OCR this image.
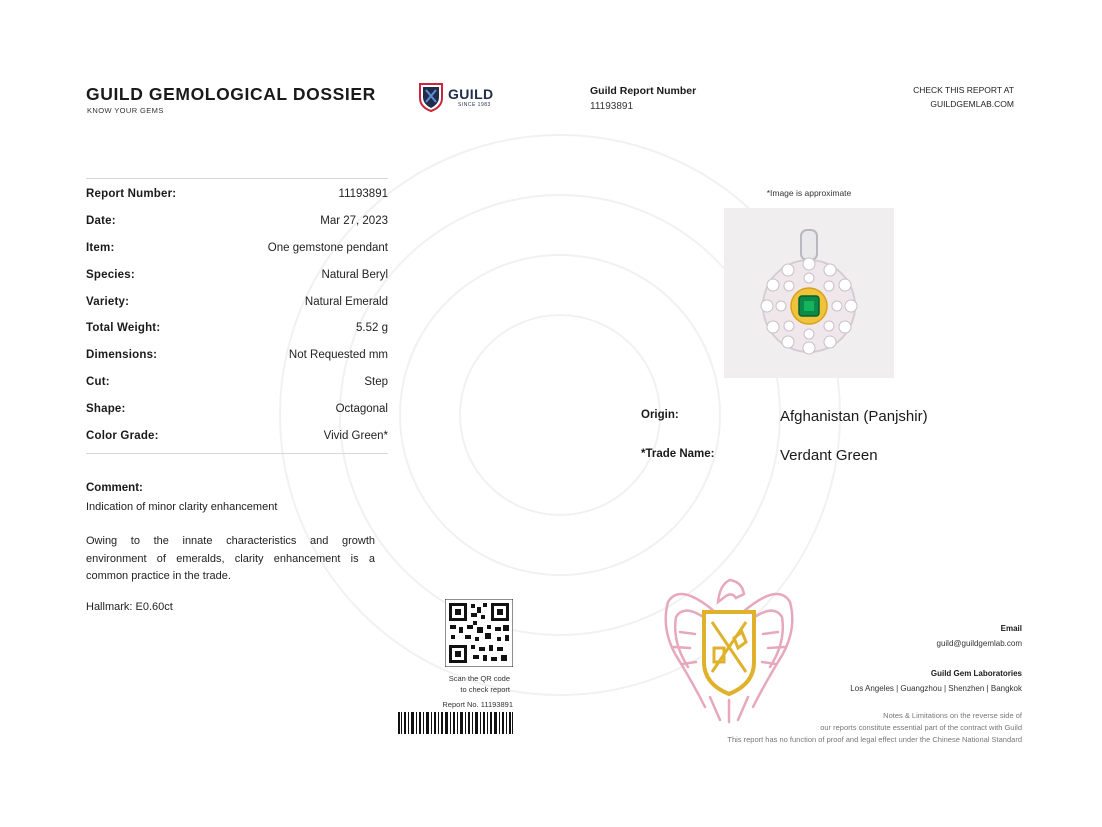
GUILD GEMOLOGICAL DOSSIER
KNOW YOUR GEMS
GUILD
SINCE 1983
Guild Report Number
11193891
CHECK THIS REPORT AT
GUILDGEMLAB.COM
Report Number:	11193891
Date:	Mar 27, 2023
Item:	One gemstone pendant
Species:	Natural Beryl
Variety:	Natural Emerald
Total Weight:	5.52 g
Dimensions:	Not Requested mm
Cut:	Step
Shape:	Octagonal
Color Grade:	Vivid Green*
Comment:
Indication of minor clarity enhancement
Owing to the innate characteristics and growth environment of emeralds, clarity enhancement is a common practice in the trade.
Hallmark: E0.60ct
*Image is approximate
Origin:	Afghanistan (Panjshir)
*Trade Name:	Verdant Green
Scan the QR code
to check report
Report No. 11193891
Email
guild@guildgemlab.com
Guild Gem Laboratories
Los Angeles | Guangzhou | Shenzhen | Bangkok
Notes & Limitations on the reverse side of
our reports constitute essential part of the contract with Guild
This report has no function of proof and legal effect under the Chinese National Standard
